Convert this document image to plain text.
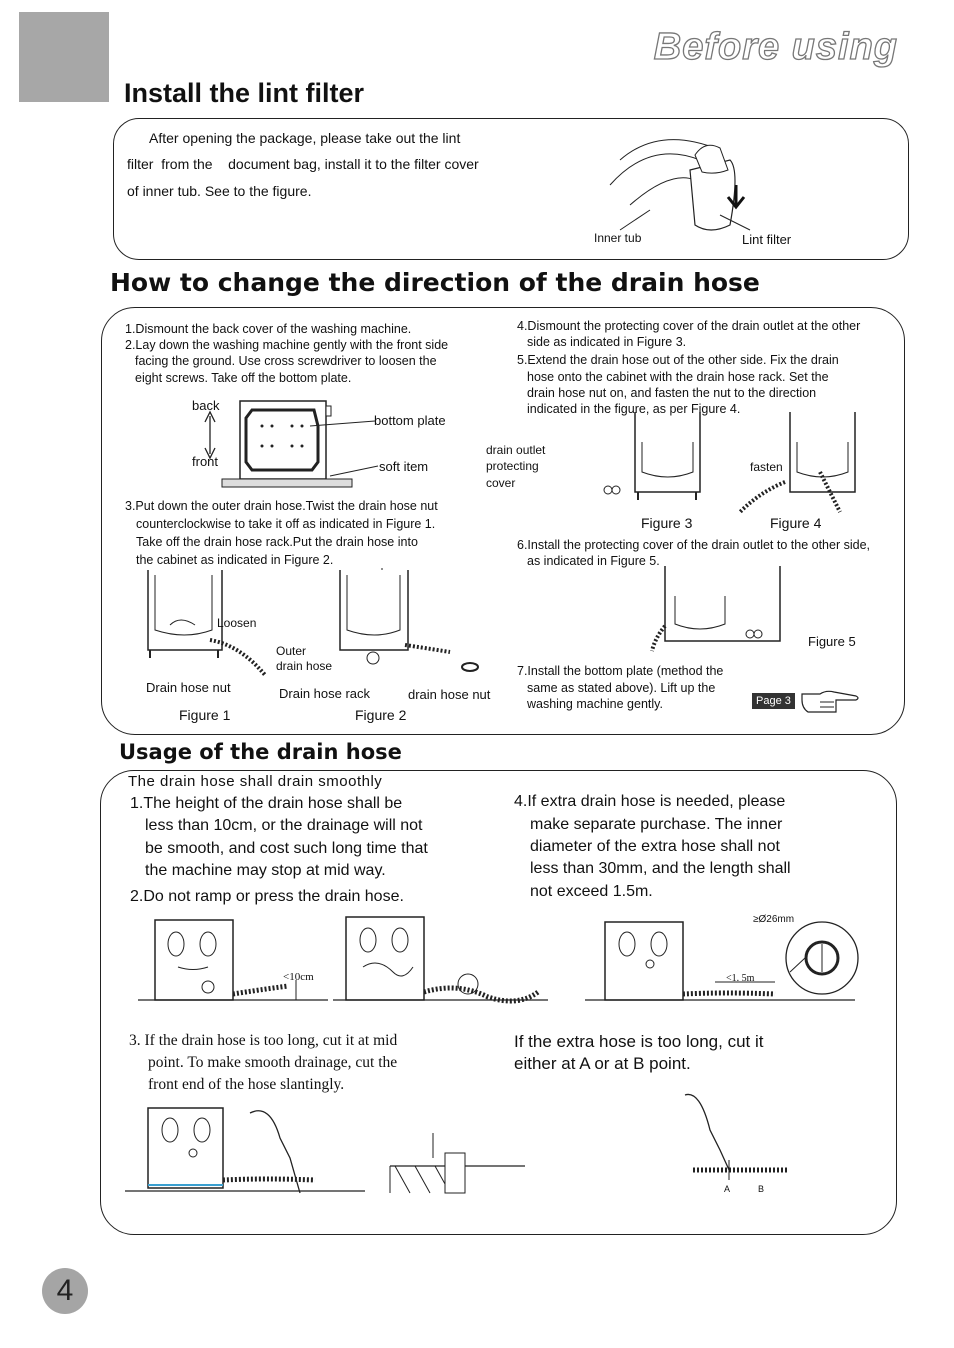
Before using
Install the lint filter
After opening the package, please take out the lint
filter  from the    document bag, install it to the filter cover
of inner tub. See to the figure.
Inner tub	Lint filter
How to change the direction of the drain hose
1.Dismount the back cover of the washing machine.
2.Lay down the washing machine gently with the front side
facing the ground. Use cross screwdriver to loosen the
eight screws. Take off the bottom plate.
back
front
bottom plate
soft item
3.Put down the outer drain hose.Twist the drain hose nut
counterclockwise to take it off as indicated in Figure 1.
Take off the drain hose rack.Put the drain hose into
the cabinet as indicated in Figure 2.
Loosen
Outer
drain hose
Drain hose nut	Drain hose rack	drain hose nut
Figure 1	Figure 2
4.Dismount the protecting cover of the drain outlet at the other
side as indicated in Figure 3.
5.Extend the drain hose out of the other side. Fix the drain
hose onto the cabinet with the drain hose rack. Set the
drain hose nut on, and fasten the nut to the direction
indicated in the figure, as per Figure 4.
drain outlet
protecting
cover
fasten
Figure 3	Figure 4
6.Install the protecting cover of the drain outlet to the other side,
as indicated in Figure 5.
Figure 5
7.Install the bottom plate (method the
same as stated above). Lift up the
washing machine gently.	Page 3
Usage of the drain hose
The drain hose shall drain smoothly
1.The height of the drain hose shall be
less than 10cm, or the drainage will not
be smooth, and cost such long time that
the machine may stop at mid way.
2.Do not ramp or press the drain hose.
4.If extra drain hose is needed, please
make separate purchase. The inner
diameter of the extra hose shall not
less than 30mm, and the length shall
not exceed 1.5m.
<10cm
≥Ø26mm
<1. 5m
3. If the drain hose is too long, cut it at mid
point. To make smooth drainage, cut the
front end of the hose slantingly.
If the extra hose is too long, cut it
either at A or at B point.
A	B
4
